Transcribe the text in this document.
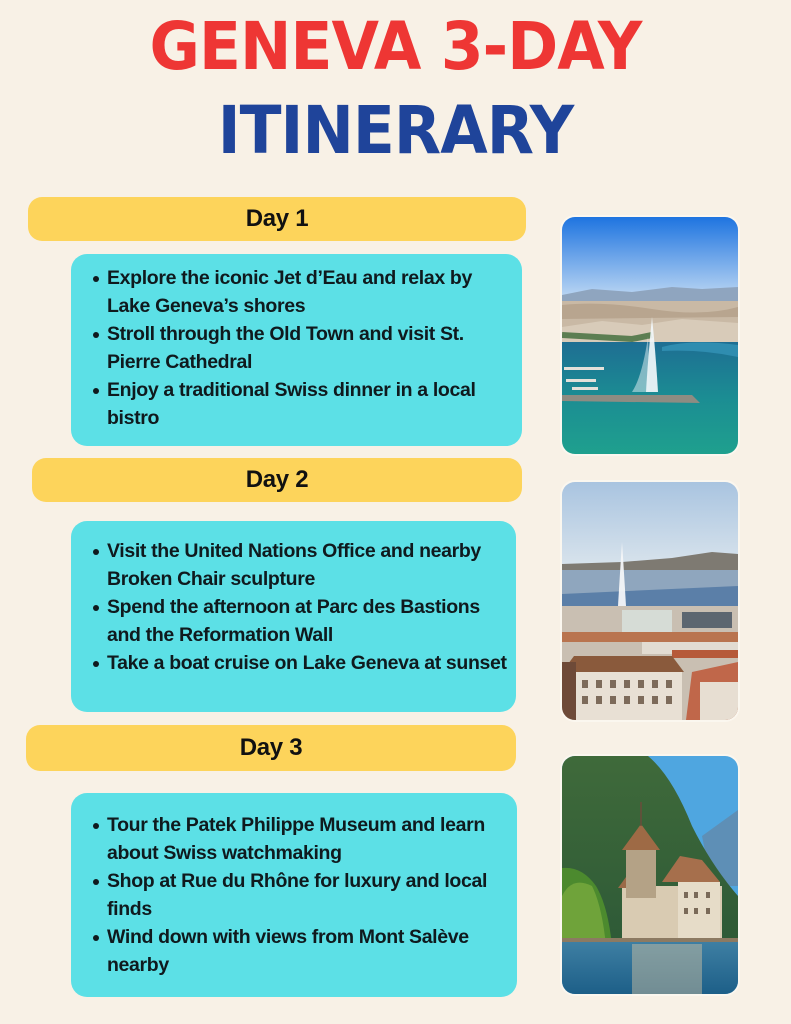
GENEVA 3-DAY
ITINERARY
Day 1
Explore the iconic Jet d’Eau and relax by Lake Geneva’s shores
Stroll through the Old Town and visit St. Pierre Cathedral
Enjoy a traditional Swiss dinner in a local bistro
Day 2
Visit the United Nations Office and nearby Broken Chair sculpture
Spend the afternoon at Parc des Bastions and the Reformation Wall
Take a boat cruise on Lake Geneva at sunset
Day 3
Tour the Patek Philippe Museum and learn about Swiss watchmaking
Shop at Rue du Rhône for luxury and local finds
Wind down with views from Mont Salève nearby
